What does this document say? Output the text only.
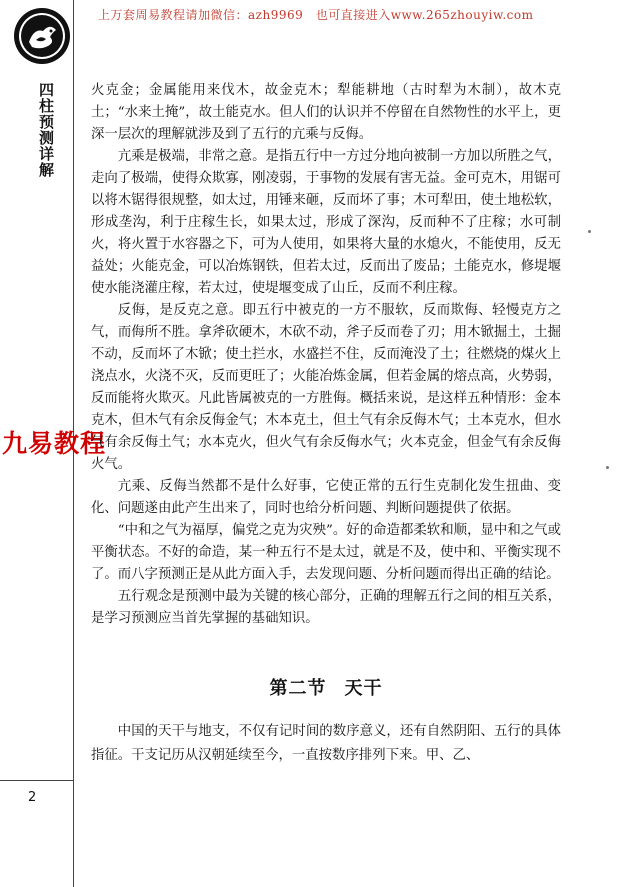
上万套周易教程请加微信：azh9969　也可直接进入www.265zhouyiw.com
四柱预测详解
2
九易教程

火克金；金属能用来伐木，故金克木；犁能耕地（古时犁为木制），故木克土；“水来土掩”，故土能克水。但人们的认识并不停留在自然物性的水平上，更深一层次的理解就涉及到了五行的亢乘与反侮。

亢乘是极端，非常之意。是指五行中一方过分地向被制一方加以所胜之气，走向了极端，使得众欺寡，刚凌弱，于事物的发展有害无益。金可克木，用锯可以将木锯得很规整，如太过，用锤来砸，反而坏了事；木可犁田，使土地松软，形成垄沟，利于庄稼生长，如果太过，形成了深沟，反而种不了庄稼；水可制火，将火置于水容器之下，可为人使用，如果将大量的水熄火，不能使用，反无益处；火能克金，可以冶炼钢铁，但若太过，反而出了废品；土能克水，修堤堰使水能浇灌庄稼，若太过，使堤堰变成了山丘，反而不利庄稼。

反侮，是反克之意。即五行中被克的一方不服软，反而欺侮、轻慢克方之气，而侮所不胜。拿斧砍硬木，木砍不动，斧子反而卷了刃；用木锨掘土，土掘不动，反而坏了木锨；使土拦水，水盛拦不住，反而淹没了土；往燃烧的煤火上浇点水，火浇不灭，反而更旺了；火能冶炼金属，但若金属的熔点高，火势弱，反而能将火欺灭。凡此皆属被克的一方胜侮。概括来说，是这样五种情形：金本克木，但木气有余反侮金气；木本克土，但土气有余反侮木气；土本克水，但水气有余反侮土气；水本克火，但火气有余反侮水气；火本克金，但金气有余反侮火气。

亢乘、反侮当然都不是什么好事，它使正常的五行生克制化发生扭曲、变化、问题遂由此产生出来了，同时也给分析问题、判断问题提供了依据。

“中和之气为福厚，偏党之克为灾殃”。好的命造都柔软和顺，显中和之气或平衡状态。不好的命造，某一种五行不是太过，就是不及，使中和、平衡实现不了。而八字预测正是从此方面入手，去发现问题、分析问题而得出正确的结论。

五行观念是预测中最为关键的核心部分，正确的理解五行之间的相互关系，是学习预测应当首先掌握的基础知识。

第二节 天干

中国的天干与地支，不仅有记时间的数序意义，还有自然阴阳、五行的具体指征。干支记历从汉朝延续至今，一直按数序排列下来。甲、乙、
